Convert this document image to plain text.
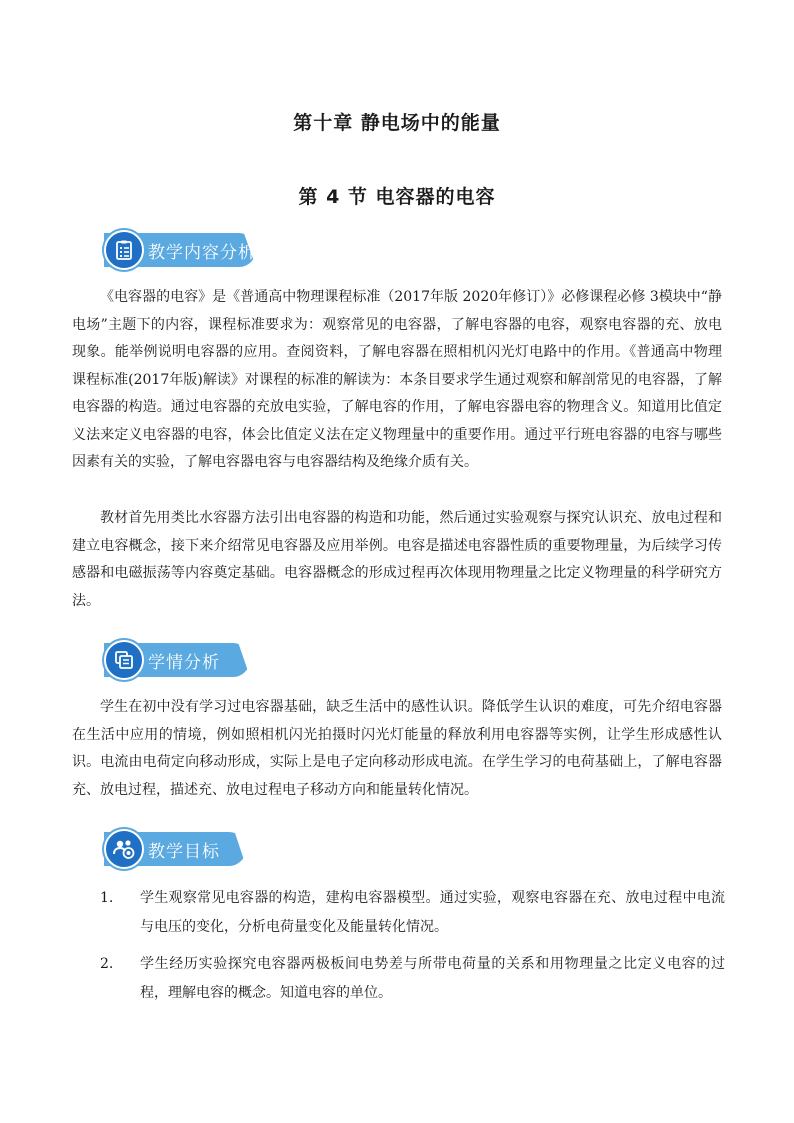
第十章 静电场中的能量
第 4 节 电容器的电容
教学内容分析
《电容器的电容》是《普通高中物理课程标准（2017年版 2020年修订）》必修课程必修 3模块中“静电场”主题下的内容，课程标准要求为：观察常见的电容器，了解电容器的电容，观察电容器的充、放电现象。能举例说明电容器的应用。查阅资料，了解电容器在照相机闪光灯电路中的作用。《普通高中物理课程标准(2017年版)解读》对课程的标准的解读为：本条目要求学生通过观察和解剖常见的电容器，了解电容器的构造。通过电容器的充放电实验，了解电容的作用，了解电容器电容的物理含义。知道用比值定义法来定义电容器的电容，体会比值定义法在定义物理量中的重要作用。通过平行班电容器的电容与哪些因素有关的实验，了解电容器电容与电容器结构及绝缘介质有关。
教材首先用类比水容器方法引出电容器的构造和功能，然后通过实验观察与探究认识充、放电过程和建立电容概念，接下来介绍常见电容器及应用举例。电容是描述电容器性质的重要物理量，为后续学习传感器和电磁振荡等内容奠定基础。电容器概念的形成过程再次体现用物理量之比定义物理量的科学研究方法。
学情分析
学生在初中没有学习过电容器基础，缺乏生活中的感性认识。降低学生认识的难度，可先介绍电容器在生活中应用的情境，例如照相机闪光拍摄时闪光灯能量的释放利用电容器等实例，让学生形成感性认识。电流由电荷定向移动形成，实际上是电子定向移动形成电流。在学生学习的电荷基础上，了解电容器充、放电过程，描述充、放电过程电子移动方向和能量转化情况。
教学目标
1. 学生观察常见电容器的构造，建构电容器模型。通过实验，观察电容器在充、放电过程中电流与电压的变化，分析电荷量变化及能量转化情况。
2. 学生经历实验探究电容器两极板间电势差与所带电荷量的关系和用物理量之比定义电容的过程，理解电容的概念。知道电容的单位。
